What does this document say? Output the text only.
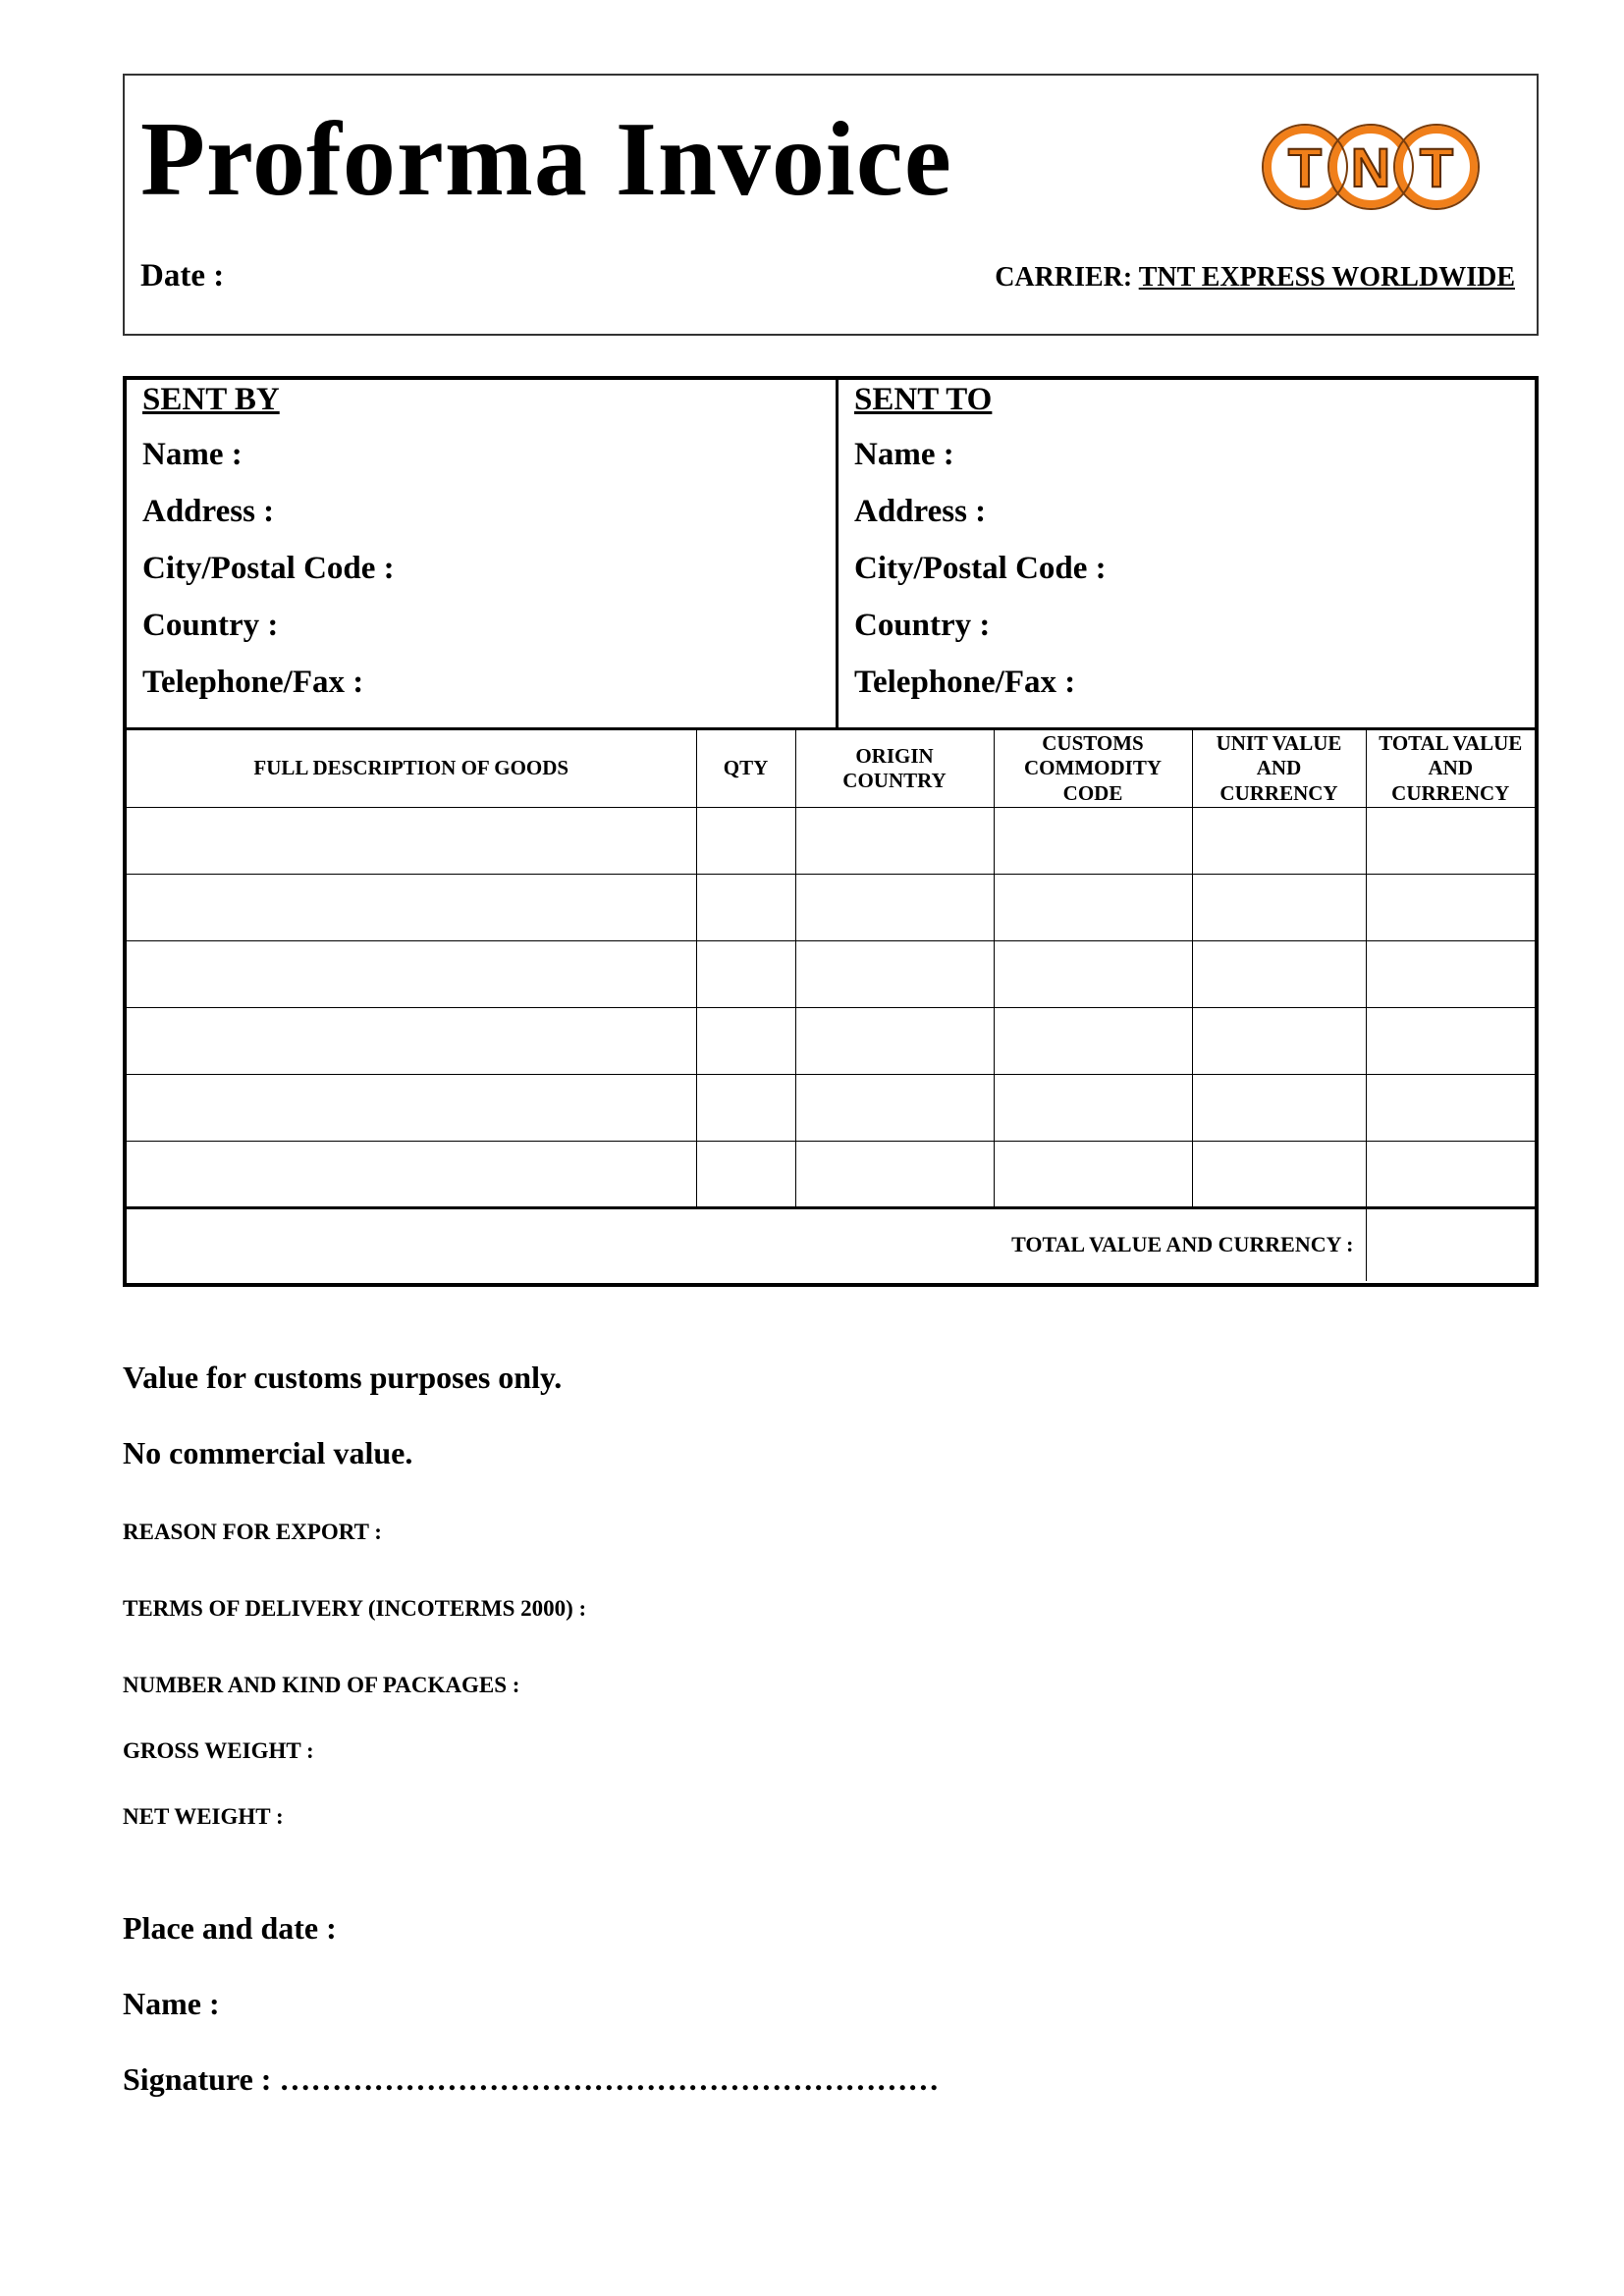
Proforma Invoice	T N T
Date :	CARRIER: TNT EXPRESS WORLDWIDE
SENT BY
Name :
Address :
City/Postal Code :
Country :
Telephone/Fax :
SENT TO
Name :
Address :
City/Postal Code :
Country :
Telephone/Fax :
FULL DESCRIPTION OF GOODS	QTY	ORIGIN COUNTRY	CUSTOMS COMMODITY CODE	UNIT VALUE AND CURRENCY	TOTAL VALUE AND CURRENCY

TOTAL VALUE AND CURRENCY :					
Value for customs purposes only.
No commercial value.
REASON FOR EXPORT :
TERMS OF DELIVERY (INCOTERMS 2000) :
NUMBER AND KIND OF PACKAGES :
GROSS WEIGHT :
NET WEIGHT :
Place and date :
Name :
Signature : ………………………………………………………
